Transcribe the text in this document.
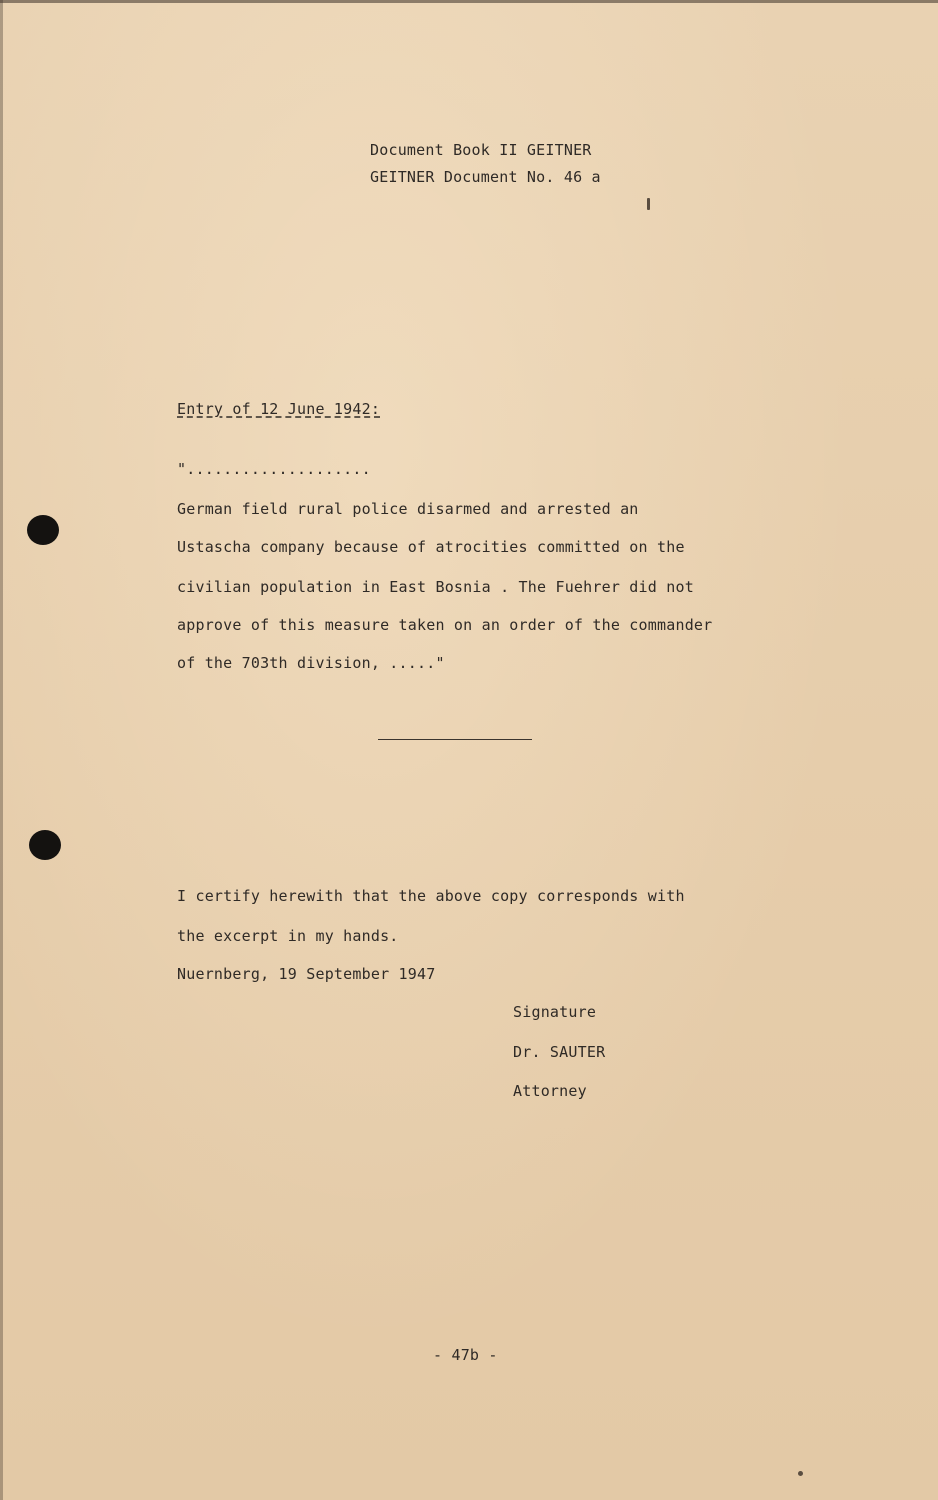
Document Book II GEITNER
GEITNER Document No. 46 a
Entry of 12 June 1942:
"....................
German field rural police disarmed and arrested an
Ustascha company because of atrocities committed on the
civilian population in East Bosnia . The Fuehrer did not
approve of this measure taken on an order of the commander
of the 703th division, ....."
I certify herewith that the above copy corresponds with
the excerpt in my hands.
Nuernberg, 19 September 1947
Signature
Dr. SAUTER
Attorney
- 47b -
